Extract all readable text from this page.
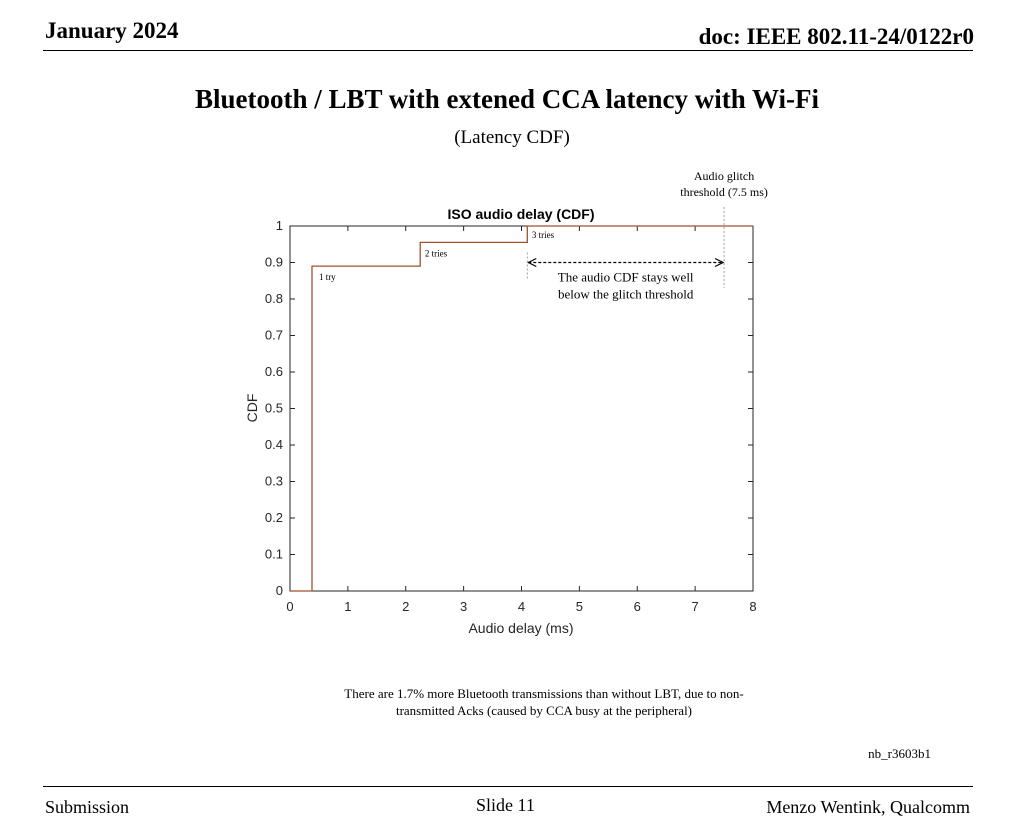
January 2024	doc: IEEE 802.11-24/0122r0
Bluetooth / LBT with extened CCA latency with Wi-Fi
(Latency CDF)
ISO audio delay (CDF)
0	1	2	3	4	5	6	7	8
0
0.1
0.2
0.3
0.4
0.5
0.6
0.7
0.8
0.9
1
Audio delay (ms)
CDF
Audio glitch
threshold (7.5 ms)
The audio CDF stays well
below the glitch threshold
1 try
2 tries
3 tries
There are 1.7% more Bluetooth transmissions than without LBT, due to non-transmitted Acks (caused by CCA busy at the peripheral)
nb_r3603b1
Submission	Slide 11	Menzo Wentink, Qualcomm
